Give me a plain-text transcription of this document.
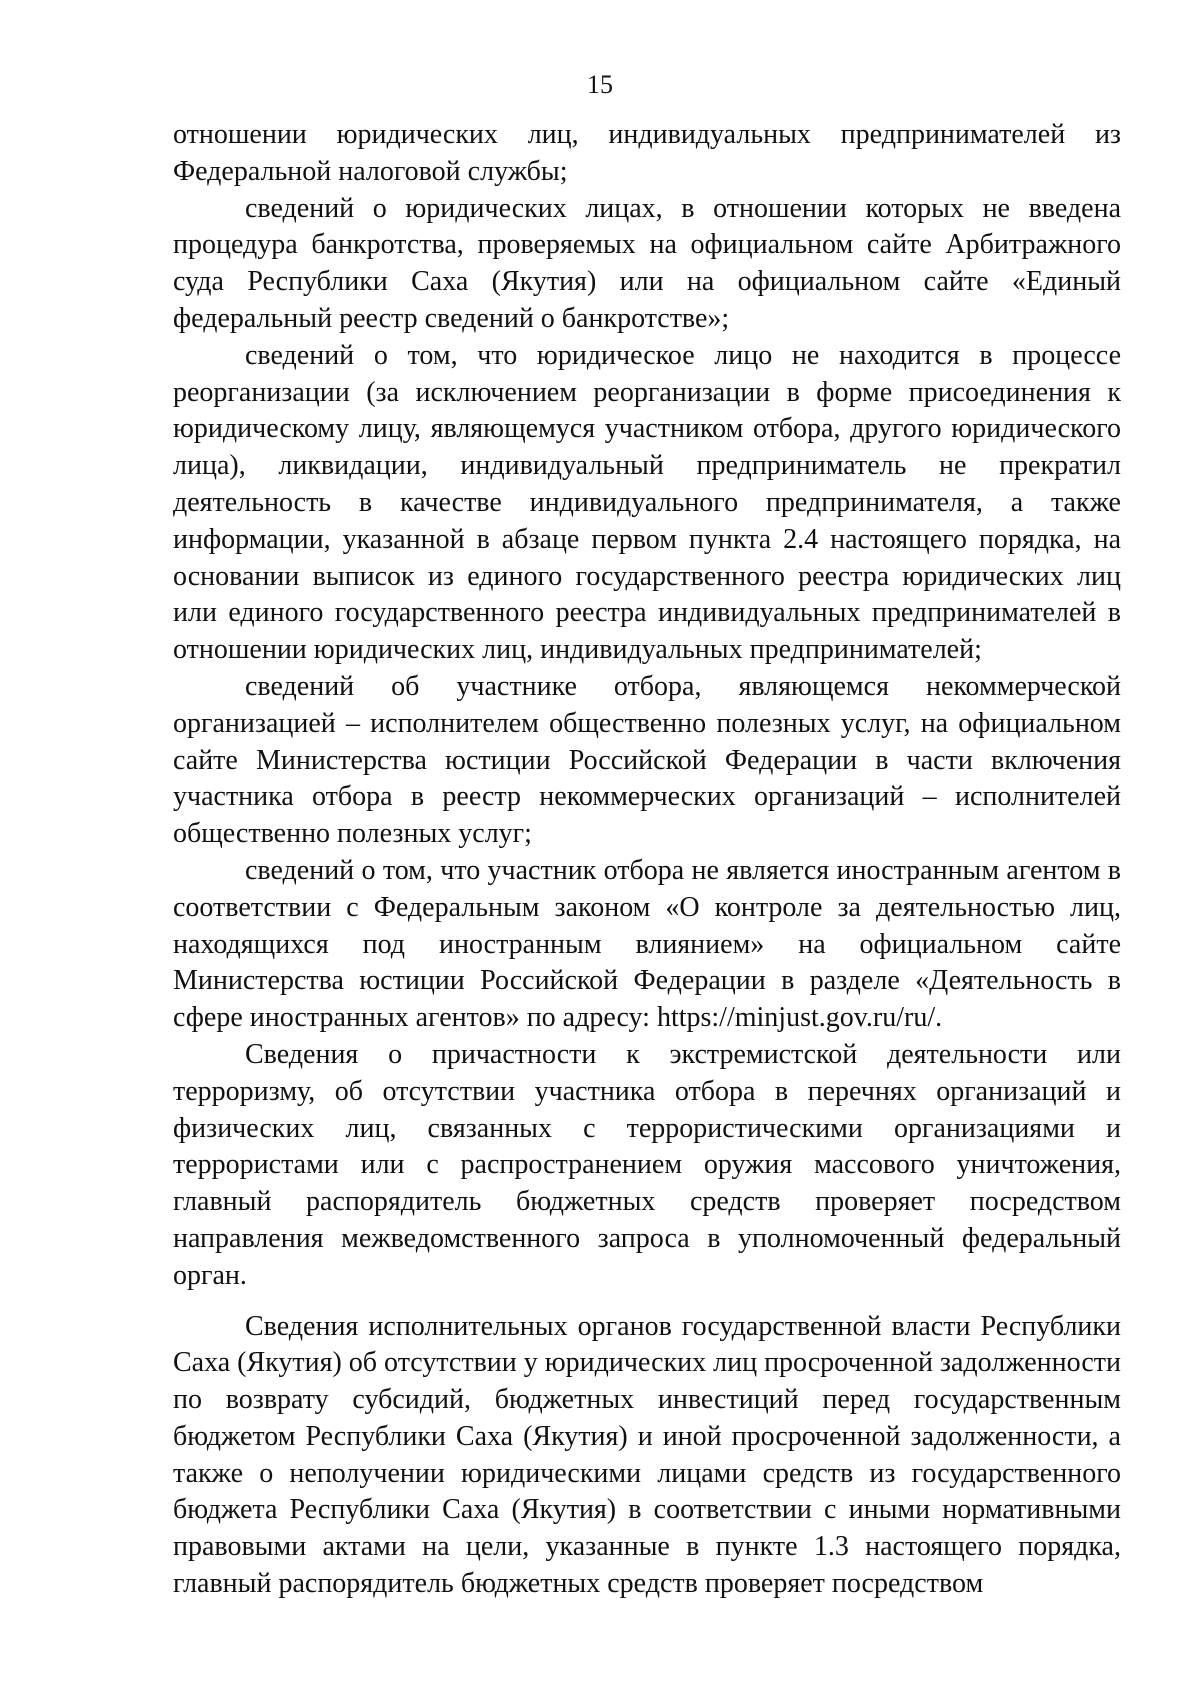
15

отношении юридических лиц, индивидуальных предпринимателей из Федеральной налоговой службы;

сведений о юридических лицах, в отношении которых не введена процедура банкротства, проверяемых на официальном сайте Арбитражного суда Республики Саха (Якутия) или на официальном сайте «Единый федеральный реестр сведений о банкротстве»;

сведений о том, что юридическое лицо не находится в процессе реорганизации (за исключением реорганизации в форме присоединения к юридическому лицу, являющемуся участником отбора, другого юридического лица), ликвидации, индивидуальный предприниматель не прекратил деятельность в качестве индивидуального предпринимателя, а также информации, указанной в абзаце первом пункта 2.4 настоящего порядка, на основании выписок из единого государственного реестра юридических лиц или единого государственного реестра индивидуальных предпринимателей в отношении юридических лиц, индивидуальных предпринимателей;

сведений об участнике отбора, являющемся некоммерческой организацией – исполнителем общественно полезных услуг, на официальном сайте Министерства юстиции Российской Федерации в части включения участника отбора в реестр некоммерческих организаций – исполнителей общественно полезных услуг;

сведений о том, что участник отбора не является иностранным агентом в соответствии с Федеральным законом «О контроле за деятельностью лиц, находящихся под иностранным влиянием» на официальном сайте Министерства юстиции Российской Федерации в разделе «Деятельность в сфере иностранных агентов» по адресу: https://minjust.gov.ru/ru/.

Сведения о причастности к экстремистской деятельности или терроризму, об отсутствии участника отбора в перечнях организаций и физических лиц, связанных с террористическими организациями и террористами или с распространением оружия массового уничтожения, главный распорядитель бюджетных средств проверяет посредством направления межведомственного запроса в уполномоченный федеральный орган.

Сведения исполнительных органов государственной власти Республики Саха (Якутия) об отсутствии у юридических лиц просроченной задолженности по возврату субсидий, бюджетных инвестиций перед государственным бюджетом Республики Саха (Якутия) и иной просроченной задолженности, а также о неполучении юридическими лицами средств из государственного бюджета Республики Саха (Якутия) в соответствии с иными нормативными правовыми актами на цели, указанные в пункте 1.3 настоящего порядка, главный распорядитель бюджетных средств проверяет посредством
